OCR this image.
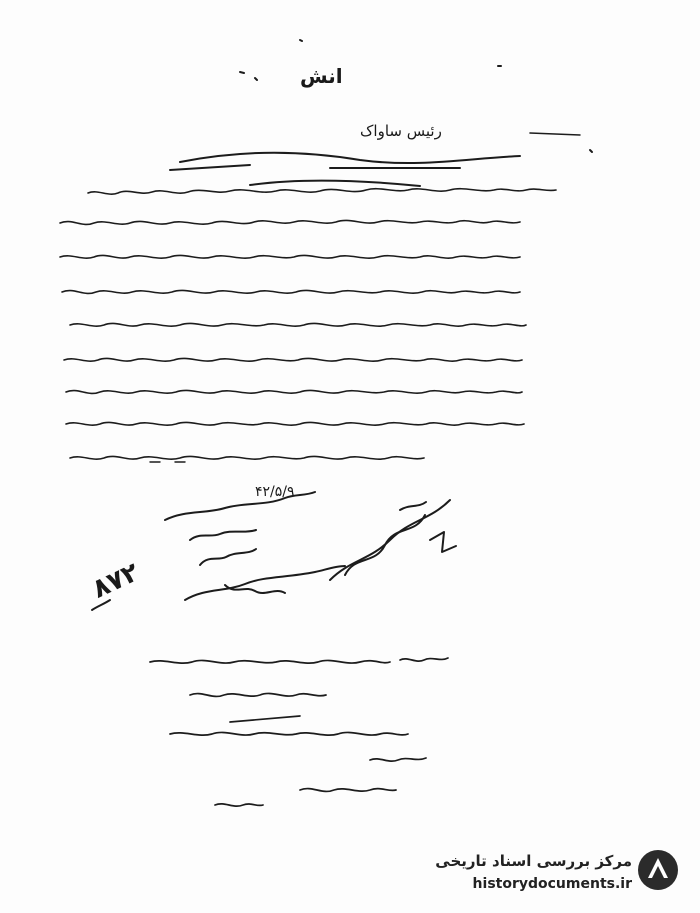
انش
رئیس ساواک
۴۲/۵/۹
۸۷۲
مرکز بررسی اسناد تاریخی
historydocuments.ir
